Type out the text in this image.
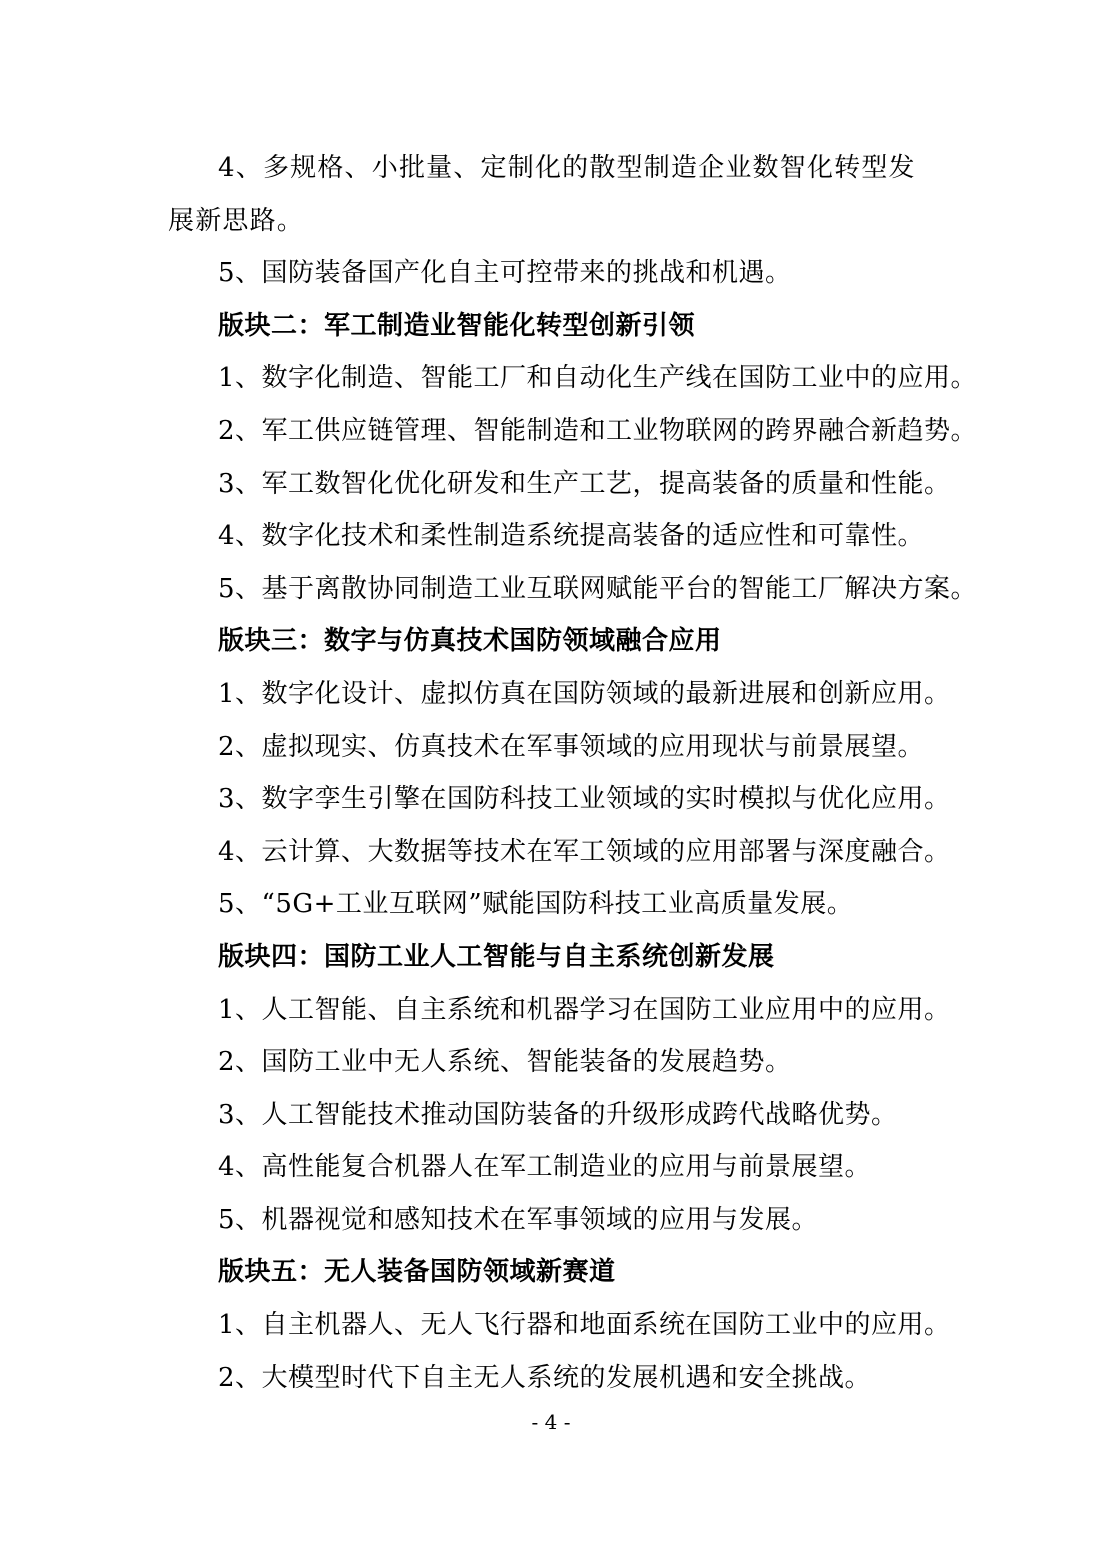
4、多规格、小批量、定制化的散型制造企业数智化转型发展新思路。
5、国防装备国产化自主可控带来的挑战和机遇。
版块二：军工制造业智能化转型创新引领
1、数字化制造、智能工厂和自动化生产线在国防工业中的应用。
2、军工供应链管理、智能制造和工业物联网的跨界融合新趋势。
3、军工数智化优化研发和生产工艺，提高装备的质量和性能。
4、数字化技术和柔性制造系统提高装备的适应性和可靠性。
5、基于离散协同制造工业互联网赋能平台的智能工厂解决方案。
版块三：数字与仿真技术国防领域融合应用
1、数字化设计、虚拟仿真在国防领域的最新进展和创新应用。
2、虚拟现实、仿真技术在军事领域的应用现状与前景展望。
3、数字孪生引擎在国防科技工业领域的实时模拟与优化应用。
4、云计算、大数据等技术在军工领域的应用部署与深度融合。
5、“5G+工业互联网”赋能国防科技工业高质量发展。
版块四：国防工业人工智能与自主系统创新发展
1、人工智能、自主系统和机器学习在国防工业应用中的应用。
2、国防工业中无人系统、智能装备的发展趋势。
3、人工智能技术推动国防装备的升级形成跨代战略优势。
4、高性能复合机器人在军工制造业的应用与前景展望。
5、机器视觉和感知技术在军事领域的应用与发展。
版块五：无人装备国防领域新赛道
1、自主机器人、无人飞行器和地面系统在国防工业中的应用。
2、大模型时代下自主无人系统的发展机遇和安全挑战。
- 4 -
